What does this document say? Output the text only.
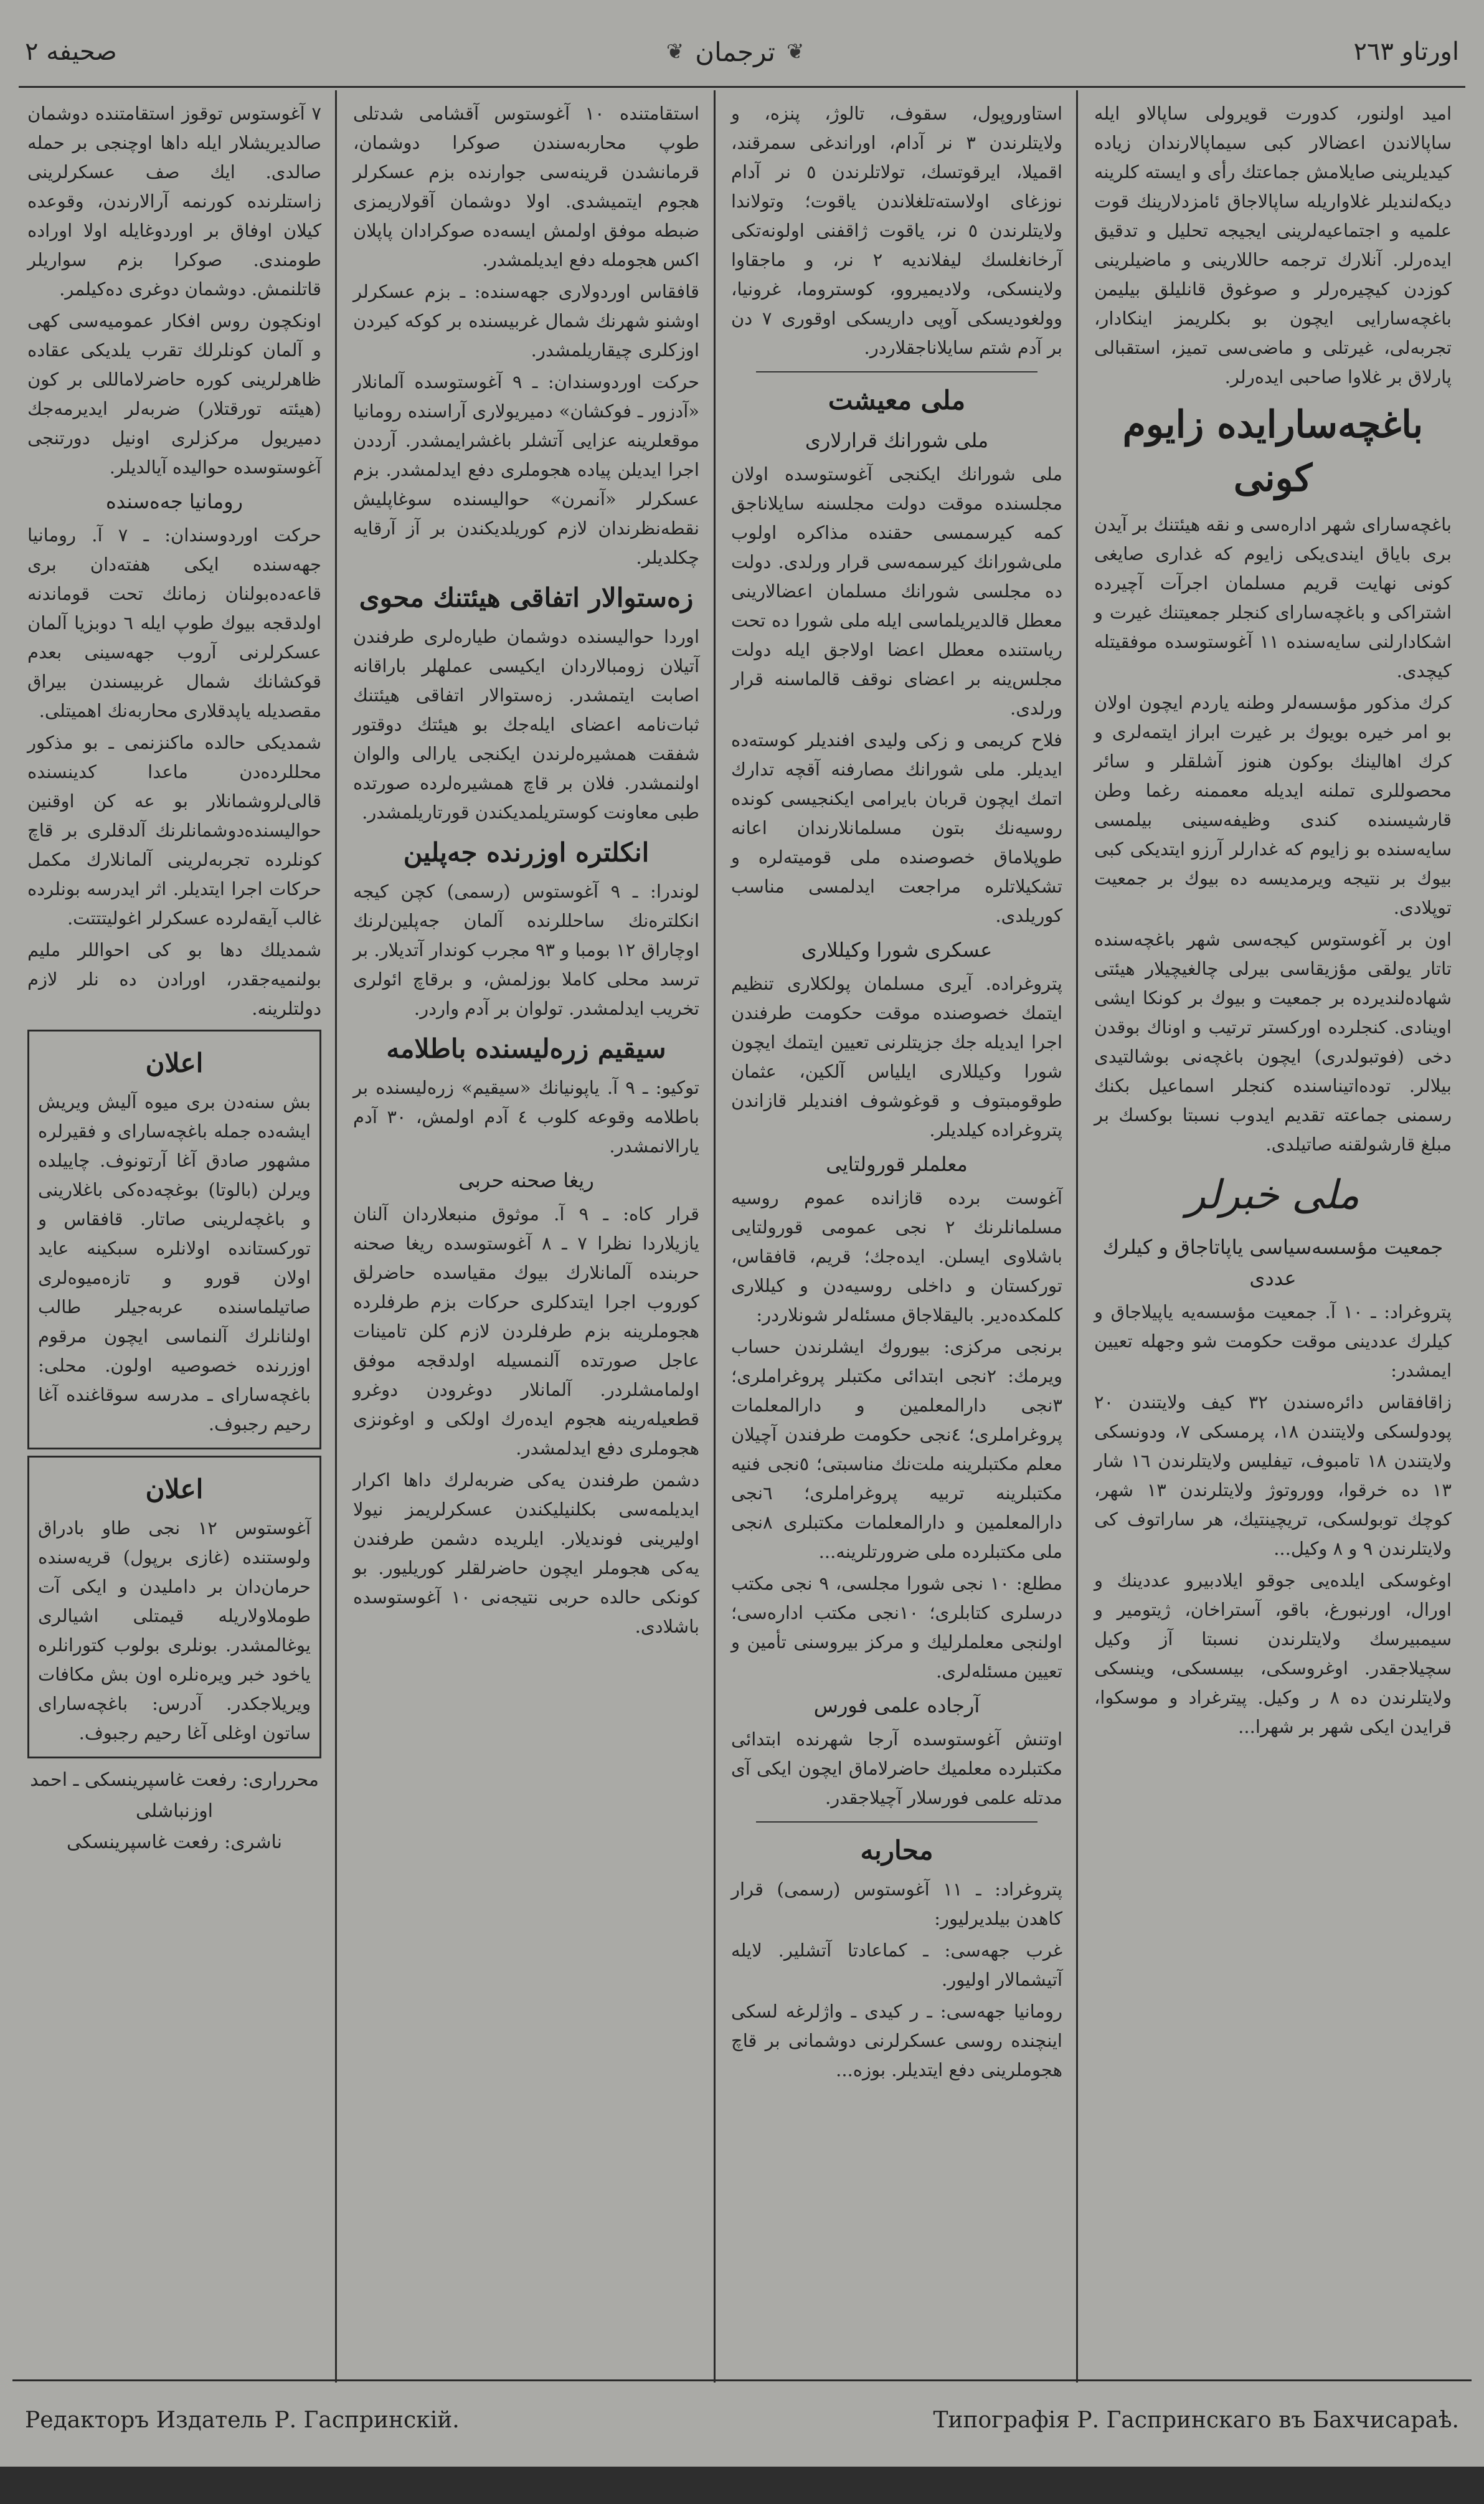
اورتاو ٢٦٣
❦
ترجمان
❦
صحیفه ٢
امید اولنور، کدورت قویرولی ساپالاو ایله ساپالاندن اعضالار کبی سیماپالارندان زیاده کیدیلرینی صایلامش جماعتك رأی و ایسته کلرینه دیکه‌لندیلر غلاواریله ساپالاجاق ئامزدلارینك قوت علمیه و اجتماعیه‌لرینی ایجیجه تحلیل و تدقیق ایده‌رلر. آنلارك ترجمه حاللارینی و ماضیلرینی کوزدن کیچیره‌رلر و صوغوق قانلیلق بیلیمن باغچه‌سارایی ایچون بو بکلریمز اینکادار، تجربه‌لی، غیرتلی و ماضی‌سی تمیز، استقبالی پارلاق بر غلاوا صاحبی ایده‌رلر.
باغچه‌سارایده زایوم کونی
باغچه‌سارای شهر ادارەسی و نقه هیئتنك بر آیدن بری بایاق ایندی‌یکی زایوم که غداری صایغی کونی نهایت قریم مسلمان اجرآت آچیرده اشتراکی و باغچه‌سارای کنجلر جمعیتنك غیرت و اشکادارلنی سایه‌سنده ١١ آغوستوسده موفقیتله کیچدی.
کرك مذکور مؤسسه‌لر وطنه یاردم ایچون اولان بو امر خیره بویوك بر غیرت ابراز ایتمەلری و کرك اهالینك بوکون هنوز آشلقلر و سائر محصوللری تملنه ایدیله معممنه رغما وطن قارشیسنده کندی وظیفه‌سینی بیلمسی سایه‌سنده بو زایوم که غدارلر آرزو ایتدیکی کبی بیوك بر نتیجه ویرمدیسه ده بیوك بر جمعیت توپلادی.
اون بر آغوستوس کیجه‌سی شهر باغچه‌سنده تاتار یولقی مؤزیقاسی بیرلی چالغیچیلار هیئتی شهاده‌لندیرده بر جمعیت و بیوك بر کونکا ایشی اوینادی. کنجلرده اورکستر ترتیب و اوناك بوقدن دخی (فوتبولدری) ایچون باغچه‌نی بوشالتیدی بیلالر. توده‌اتیناسنده کنجلر اسماعیل بکنك رسمنی جماعته تقدیم ایدوب نسبتا بوکسك بر مبلغ قارشولقنه صاتیلدی.
ملی خبرلر
جمعیت مؤسسه‌سیاسی یاپاتاجاق و کیلرك عددی
پتروغراد: ـ ١٠ آ. جمعیت مؤسسه‌یه یاپیلاجاق و کیلرك عددینی موقت حکومت شو وجهله تعیین ایمشدر:
زاقافقاس دائره‌سندن ٣٢ کیف ولایتندن ٢٠ پودولسکی ولایتندن ١٨، پرمسکی ٧، ودونسکی ولایتندن ١٨ تامبوف، تیفلیس ولایتلرندن ١٦ شار ١٣ ده خرقوا، ووروتوژ ولایتلرندن ١٣ شهر، کوچك توبولسکی، تریچینتیك، هر ساراتوف کی ولایتلرندن ٩ و ٨ وکیل...
اوغوسکی ایلده‌یی جوقو ایلادبیرو عددینك و اورال، اورنبورغ، باقو، آستراخان، ژیتومیر و سیمبیرسك ولایتلرندن نسبتا آز وکیل سچیلاجقدر. اوغروسکی، بیسسکی، وینسکی ولایتلرندن ده ٨ ر وکیل. پیترغراد و موسکوا، قرایدن ایکی شهر بر شهرا...
استاوروپول، سقوف، تالوژ، پنزه، و ولایتلرندن ٣ نر آدام، اوراندغی سمرقند، اقمیلا، ایرقوتسك، تولاتلرندن ٥ نر آدام نوزغای اولاسته‌تلغلاندن یاقوت؛ وتولاندا ولایتلرندن ٥ نر، یاقوت ژاقفنی اولونه‌تکی آرخانغلسك لیفلاندیه ٢ نر، و ماجقاوا ولاینسکی، ولادیمیروو، کوستروما، غرونیا، وولغودیسکی آوپی داریسکی اوقوری ٧ دن بر آدم شتم سایلاناجقلاردر.
ملی معیشت
ملی شورانك قرارلاری
ملی شورانك ایکنجی آغوستوسده اولان مجلسنده موقت دولت مجلسنه سایلاناجق کمە کیرسمسی حقنده مذاکره اولوب ملی‌شورانك کیرسمەسی قرار ورلدی. دولت ده مجلسی شورانك مسلمان اعضالارینی معطل قالدیریلماسی ایله ملی شورا ده تحت ریاستنده معطل اعضا اولاجق ایله دولت مجلس‌ینه بر اعضای نوقف قالماسنه قرار ورلدی.
فلاح کریمی و زکی ولیدی افندیلر کوسته‌ده ایدیلر. ملی شورانك مصارفنه آقچه تدارك اتمك ایچون قربان بایرامی ایکنجیسی کونده روسیه‌نك بتون مسلمانلارندان اعانه طوپلاماق خصوصنده ملی قومیته‌لره و تشکیلاتلره مراجعت ایدلمسی مناسب کوریلدی.
عسکری شورا وکیللاری
پتروغراده. آیری مسلمان پولکلاری تنظیم ایتمك خصوصنده موقت حکومت طرفندن اجرا ایدیله جك جزیتلرنی تعیین ایتمك ایچون شورا وکیللاری ایلیاس آلکین، عثمان طوقومبتوف و قوغوشوف افندیلر قازاندن پتروغراده کیلدیلر.
معلملر قورولتایی
آغوست برده قازانده عموم روسیه مسلمانلرنك ٢ نجی عمومی قورولتایی باشلاوی ایسلن. ایده‌جك؛ قریم، قافقاس، تورکستان و داخلی روسیه‌دن و کیللاری کلمکده‌دیر. بالیقلاجاق مسئله‌لر شونلاردر:
برنجی مرکزی: بیوروك ایشلرندن حساب ویرمك: ٢نجی ابتدائی مکتبلر پروغراملری؛ ٣نجی دارالمعلمین و دارالمعلمات پروغراملری؛ ٤نجی حکومت طرفندن آچیلان معلم مکتبلرینه ملت‌نك مناسبتی؛ ٥نجی فنیه مکتبلرینه تربیه پروغراملری؛ ٦نجی دارالمعلمین و دارالمعلمات مکتبلری ٨نجی ملی مکتبلرده ملی ضرورتلرینه...
مطلع: ١٠ نجی شورا مجلسی، ٩ نجی مکتب درسلری کتابلری؛ ١٠نجی مکتب ادارەسی؛ اولنجی معلملرلیك و مرکز بیروسنی تأمین و تعیین مسئله‌لری.
آرجاده علمی فورس
اوتنش آغوستوسده آرجا شهرنده ابتدائی مکتبلرده معلمیك حاضرلاماق ایچون ایکی آی مدتله علمی فورسلار آچیلاجقدر.
محاربه
پتروغراد: ـ ١١ آغوستوس (رسمی) قرار کاهدن بیلدیرلیور:
غرب جهه‌سی: ـ کماعادتا آتشلیر. لایله آتیشمالار اولیور.
رومانیا جهه‌سی: ـ ر کیدی ـ واژلرغه لسکی اینچنده روسی عسکرلرنی دوشمانی بر قاچ هجوملرینی دفع ایتدیلر. بوزه...
استقامتنده ١٠ آغوستوس آقشامی شدتلی طوپ محاربه‌سندن صوکرا دوشمان، قرمانشدن قرینه‌سی جوارنده بزم عسکرلر هجوم ایتمیشدی. اولا دوشمان آقولاریمزی ضبطه موفق اولمش ایسه‌ده صوکرادان پاپلان اکس هجومله دفع ایدیلمشدر.
قافقاس اوردولاری جهه‌سنده: ـ بزم عسکرلر اوشنو شهرنك شمال غربیسنده بر کوکه کیردن اوزکلری چیقاریلمشدر.
حرکت اوردوسندان: ـ ٩ آغوستوسده آلمانلار «آدزور ـ فوکشان» دمیریولاری آراسنده رومانیا موقعلرینه عزایی آتشلر باغشرایمشدر. آرددن اجرا ایدیلن پیاده هجوملری دفع ایدلمشدر. بزم عسکرلر «آنمرن» حوالیسنده سوغاپلیش نقطه‌نظرندان لازم کوریلدیکندن بر آز آرقایه چکلدیلر.
زه‌ستوالار اتفاقی هیئتنك محوی
اوردا حوالیسنده دوشمان طیاره‌لری طرفندن آتیلان زومبالاردان ایکیسی عملهلر باراقانه اصابت ایتمشدر. زه‌ستوالار اتفاقی هیئتنك ثبات‌نامه اعضای ایله‌جك بو هیئتك دوقتور شفقت همشیره‌لرندن ایکنجی یارالی والوان اولنمشدر. فلان بر قاچ همشیره‌لرده صورتده طبی معاونت کوستریلمدیکندن قورتاریلمشدر.
انکلتره اوزرنده جه‌پلین
لوندرا: ـ ٩ آغوستوس (رسمی) کچن کیجه انکلتره‌نك ساحللرنده آلمان جه‌پلین‌لرنك اوچاراق ١٢ بومبا و ٩٣ مجرب کوندار آتدیلار. بر ترسد محلی کاملا بوزلمش، و برقاچ ائولری تخریب ایدلمشدر. تولوان بر آدم واردر.
سیقیم زره‌لیسنده باطلامه
توکیو: ـ ٩ آ. یاپونیانك «سیقیم» زره‌لیسنده بر باطلامه وقوعه کلوب ٤ آدم اولمش، ٣٠ آدم یارالانمشدر.
ریغا صحنه حربی
قرار کاه: ـ ٩ آ. موثوق منبعلاردان آلنان یازیلاردا نظرا ٧ ـ ٨ آغوستوسده ریغا صحنه حربنده آلمانلارك بیوك مقیاسده حاضرلق کوروب اجرا ایتدکلری حرکات بزم طرفلرده هجوملرینه بزم طرفلردن لازم کلن تامینات عاجل صورتده آلنمسیله اولدقجه موفق اولمامشلردر. آلمانلار دوغرودن دوغرو قطعیله‌رینه هجوم ایده‌رك اولکی و اوغونزی هجوملری دفع ایدلمشدر.
دشمن طرفندن یه‌کی ضربه‌لرك داها اکرار ایدیلمه‌سی بکلنیلیکندن عسکرلریمز نیولا اولیرینی فوندیلار. ایلریده دشمن طرفندن یه‌کی هجوملر ایچون حاضرلقلر کوریلیور. بو کونکی حالده حربی نتیجه‌نی ١٠ آغوستوسده باشلادی.
٧ آغوستوس توقوز استقامتنده دوشمان صالدیریشلار ایله داها اوچنجی بر حمله صالدی. ایك صف عسکرلرینی زاستلرنده کورنمه آرالارندن، وقوعده کیلان اوفاق بر اوردوغایله اولا اوراده طومندی. صوکرا بزم سواریلر قاتلنمش. دوشمان دوغری ده‌کیلمر.
اونکچون روس افکار عمومیه‌سی کهی و آلمان کونلرلك تقرب یلدیکی عقاده ظاهرلرینی کوره حاضرلاماللی بر کون (هیئته تورقتلار) ضربه‌لر ایدیرمه‌جك دمیریول مرکزلری اونیل دورتنجی آغوستوسده حوالیده آیالدیلر.
رومانیا جه‌ه‌سنده
حرکت اوردوسندان: ـ ٧ آ. رومانیا جهه‌سنده ایکی هفته‌دان بری قاعه‌ده‌بولنان زمانك تحت قوماندنه اولدقجه بیوك طوپ ایله ٦ دوبزیا آلمان عسکرلرنی آروب جهه‌سینی بعدم قوکشانك شمال غربیسندن بیراق مقصدیله یاپدقلاری محاربه‌نك اهمیتلی.
شمدیکی حالده ماکنزنمی ـ بو مذکور محللرده‌دن ماعدا کدینسنده قالی‌لروشمانلار بو عه کن اوقنین حوالیسنده‌دوشمانلرنك آلدقلری بر قاچ کونلرده تجربه‌لرینی آلمانلارك مکمل حرکات اجرا ایتدیلر. اثر ایدرسه بونلرده غالب آیقه‌لرده عسکرلر اغولیتتتت.
شمدیلك دها بو کی احواللر ملیم بولنمیه‌جقدر، اورادن ده نلر لازم دولتلرینه.
اعلان
بش سنه‌دن بری میوه آلیش ویریش ایشه‌ده جمله باغچه‌سارای و فقیرلره مشهور صادق آغا آرتونوف. چاییلده ویرلن (بالوتا) بوغچه‌ده‌کی باغلارینی و باغچه‌لرینی صاتار. قافقاس و تورکستانده اولانلره سبکینه عاید اولان قورو و تازه‌میوه‌لری صاتیلماسنده عربه‌جیلر طالب اولنانلرك آلنماسی ایچون مرقوم اوزرنده خصوصیه اولون. محلی: باغچه‌سارای ـ مدرسه سوقاغنده آغا رحیم رجبوف.
اعلان
آغوستوس ١٢ نجی طاو بادراق ولوستنده (غازی برپول) قریه‌سنده حرمان‌دان بر داملیدن و ایکی آت طوملاولاریله قیمتلی اشیالری یوغالمشدر. بونلری بولوب کتورانلره یاخود خبر ویره‌نلره اون بش مکافات ویریلاجکدر. آدرس: باغچه‌سارای ساتون اوغلی آغا رحیم رجبوف.
محرراری: رفعت غاسپرینسکی ـ احمد اوزنباشلی
ناشری: رفعت غاسپرینسکی
Редакторъ Издатель Р. Гаспринскій.	Типографія Р. Гаспринскаго въ Бахчисараѣ.
